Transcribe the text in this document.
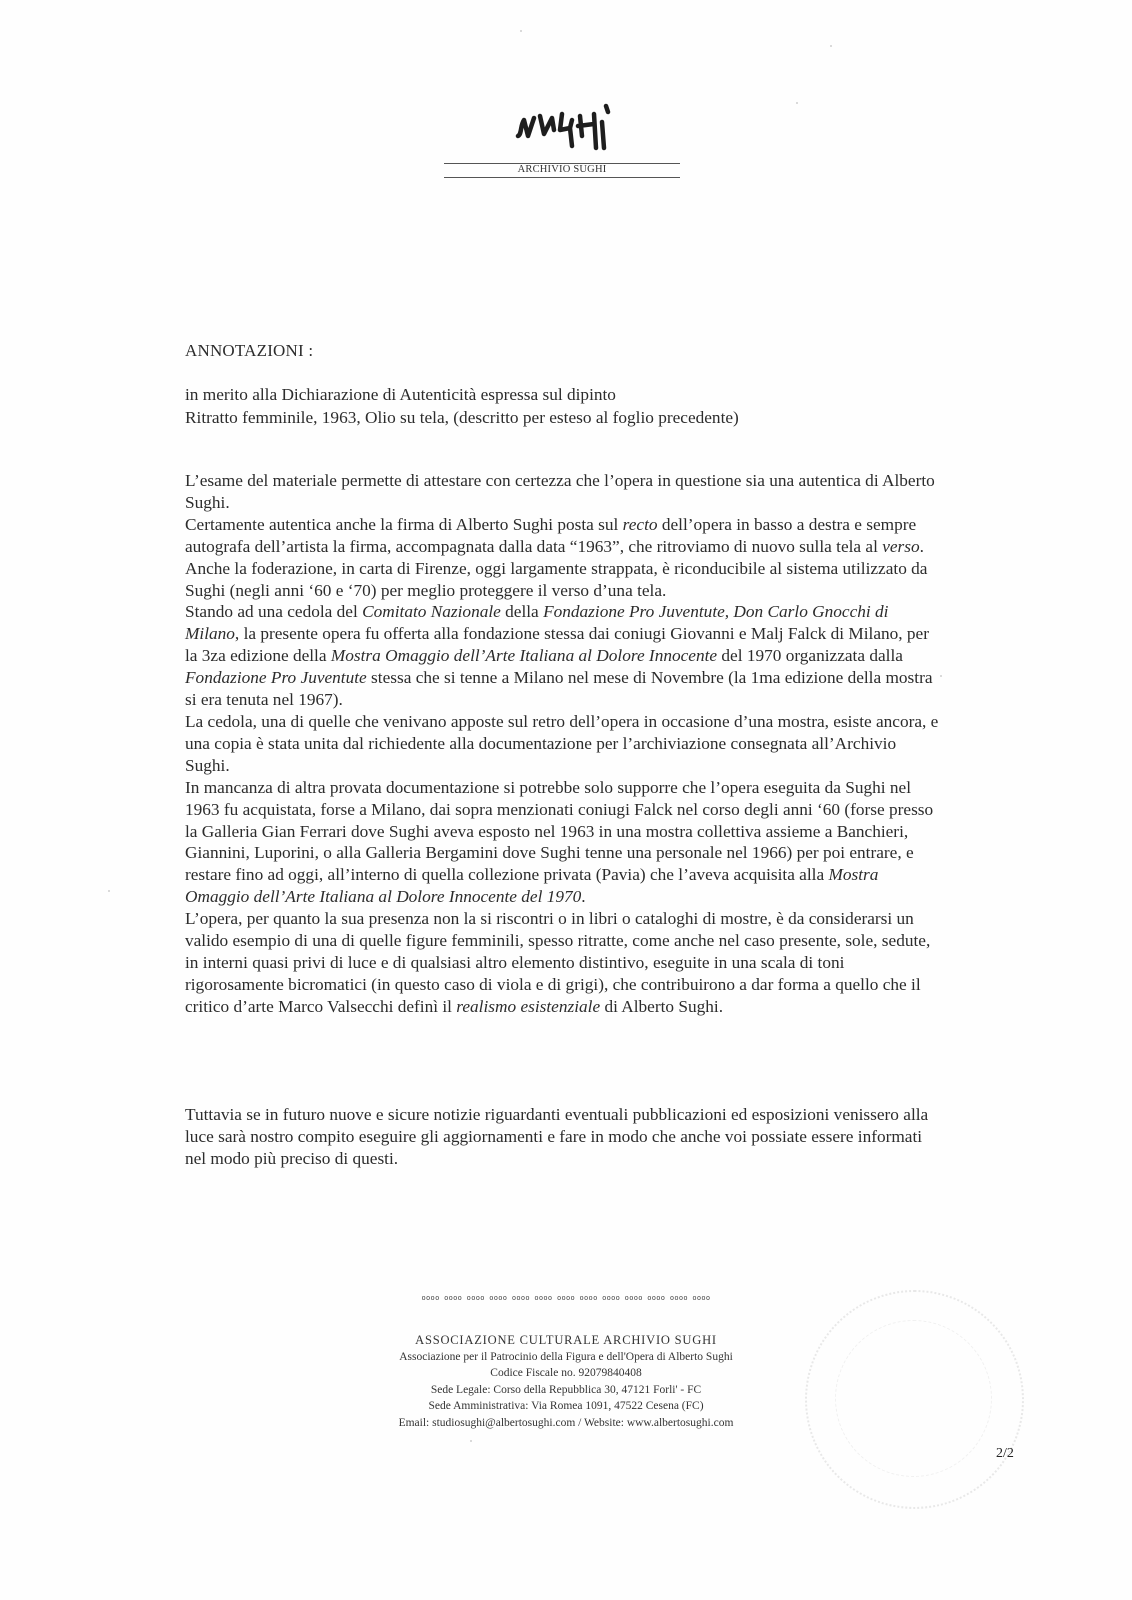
ARCHIVIO SUGHI
ANNOTAZIONI :

in merito alla Dichiarazione di Autenticità espressa sul dipinto

Ritratto femminile, 1963, Olio su tela, (descritto per esteso al foglio precedente)

L’esame del materiale permette di attestare con certezza che l’opera in questione sia una autentica di Alberto Sughi.

Certamente autentica anche la firma di Alberto Sughi posta sul recto dell’opera in basso a destra e sempre autografa dell’artista la firma, accompagnata dalla data “1963”, che ritroviamo di nuovo sulla tela al verso. Anche la foderazione, in carta di Firenze, oggi largamente strappata, è riconducibile al sistema utilizzato da Sughi (negli anni ‘60 e ‘70) per meglio proteggere il verso d’una tela.

Stando ad una cedola del Comitato Nazionale della Fondazione Pro Juventute, Don Carlo Gnocchi di Milano, la presente opera fu offerta alla fondazione stessa dai coniugi Giovanni e Malj Falck di Milano, per la 3za edizione della Mostra Omaggio dell’Arte Italiana al Dolore Innocente del 1970 organizzata dalla Fondazione Pro Juventute stessa che si tenne a Milano nel mese di Novembre (la 1ma edizione della mostra si era tenuta nel 1967).

La cedola, una di quelle che venivano apposte sul retro dell’opera in occasione d’una mostra, esiste ancora, e una copia è stata unita dal richiedente alla documentazione per l’archiviazione consegnata all’Archivio Sughi.

In mancanza di altra provata documentazione si potrebbe solo supporre che l’opera eseguita da Sughi nel 1963 fu acquistata, forse a Milano, dai sopra menzionati coniugi Falck nel corso degli anni ‘60 (forse presso la Galleria Gian Ferrari dove Sughi aveva esposto nel 1963 in una mostra collettiva assieme a Banchieri, Giannini, Luporini, o alla Galleria Bergamini dove Sughi tenne una personale nel 1966) per poi entrare, e restare fino ad oggi, all’interno di quella collezione privata (Pavia) che l’aveva acquisita alla Mostra Omaggio dell’Arte Italiana al Dolore Innocente del 1970.

L’opera, per quanto la sua presenza non la si riscontri o in libri o cataloghi di mostre, è da considerarsi un valido esempio di una di quelle figure femminili, spesso ritratte, come anche nel caso presente, sole, sedute, in interni quasi privi di luce e di qualsiasi altro elemento distintivo, eseguite in una scala di toni rigorosamente bicromatici (in questo caso di viola e di grigi), che contribuirono a dar forma a quello che il critico d’arte Marco Valsecchi definì il realismo esistenziale di Alberto Sughi.

Tuttavia se in futuro nuove e sicure notizie riguardanti eventuali pubblicazioni ed esposizioni venissero alla luce sarà nostro compito eseguire gli aggiornamenti e fare in modo che anche voi possiate essere informati nel modo più preciso di questi.

oooo oooo oooo oooo oooo oooo oooo oooo oooo oooo oooo oooo oooo
ASSOCIAZIONE CULTURALE ARCHIVIO SUGHI
Associazione per il Patrocinio della Figura e dell'Opera di Alberto Sughi
Codice Fiscale no. 92079840408
Sede Legale: Corso della Repubblica 30, 47121 Forli' - FC
Sede Amministrativa: Via Romea 1091, 47522 Cesena (FC)
Email: studiosughi@albertosughi.com / Website: www.albertosughi.com
2/2
